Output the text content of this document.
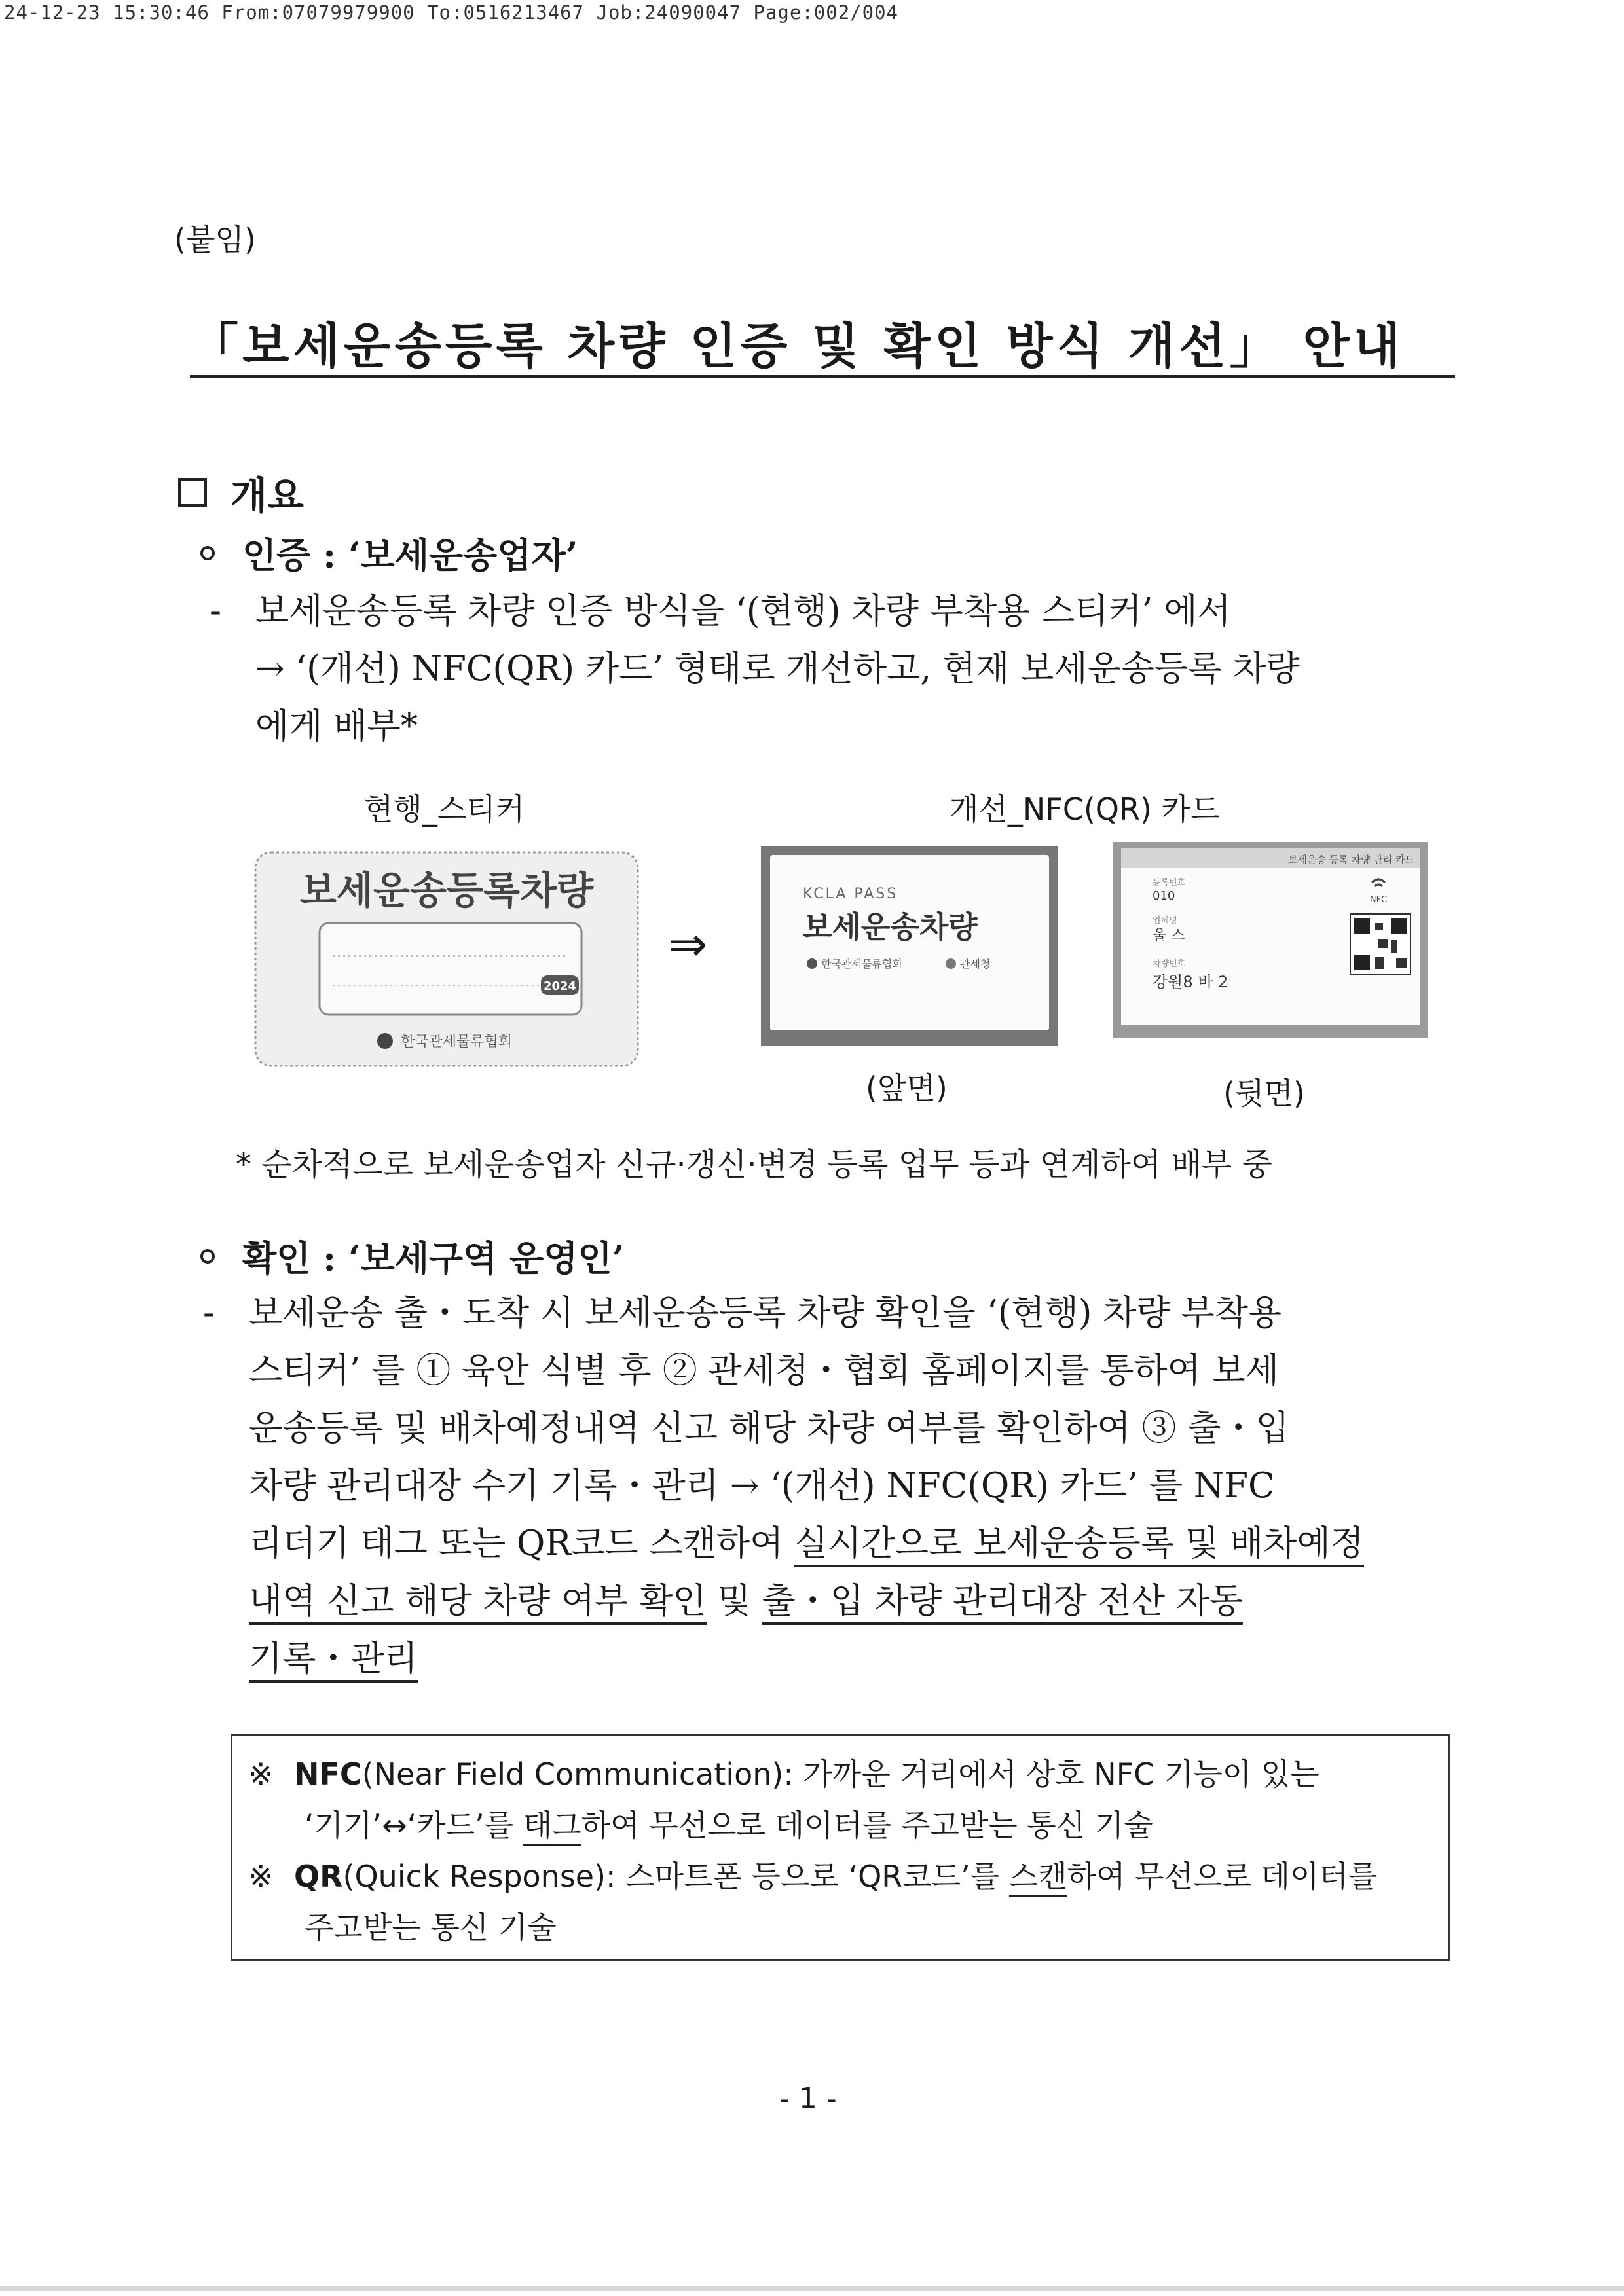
24-12-23 15:30:46 From:07079979900 To:0516213467 Job:24090047 Page:002/004
(붙임)
「보세운송등록 차량 인증 및 확인 방식 개선」 안내
개요
인증 : ‘보세운송업자’
- 보세운송등록 차량 인증 방식을 ‘(현행) 차량 부착용 스티커’ 에서
→ ‘(개선) NFC(QR) 카드’ 형태로 개선하고, 현재 보세운송등록 차량
에게 배부*
현행_스티커	개선_NFC(QR) 카드
보세운송등록차량
2024
한국관세물류협회
⇒
KCLA PASS
보세운송차량
한국관세물류협회	관세청
보세운송 등록 차량 관리 카드
등록번호
010
업체명
울 스
차량번호
강원8 바 2
NFC
(앞면)	(뒷면)
* 순차적으로 보세운송업자 신규·갱신·변경 등록 업무 등과 연계하여 배부 중
확인 : ‘보세구역 운영인’
- 보세운송 출・도착 시 보세운송등록 차량 확인을 ‘(현행) 차량 부착용
스티커’ 를 ① 육안 식별 후 ② 관세청・협회 홈페이지를 통하여 보세
운송등록 및 배차예정내역 신고 해당 차량 여부를 확인하여 ③ 출・입
차량 관리대장 수기 기록・관리 → ‘(개선) NFC(QR) 카드’ 를 NFC
리더기 태그 또는 QR코드 스캔하여 실시간으로 보세운송등록 및 배차예정
내역 신고 해당 차량 여부 확인 및 출・입 차량 관리대장 전산 자동
기록・관리
※ NFC(Near Field Communication): 가까운 거리에서 상호 NFC 기능이 있는
‘기기’↔‘카드’를 태그하여 무선으로 데이터를 주고받는 통신 기술
※ QR(Quick Response): 스마트폰 등으로 ‘QR코드’를 스캔하여 무선으로 데이터를
주고받는 통신 기술
- 1 -
